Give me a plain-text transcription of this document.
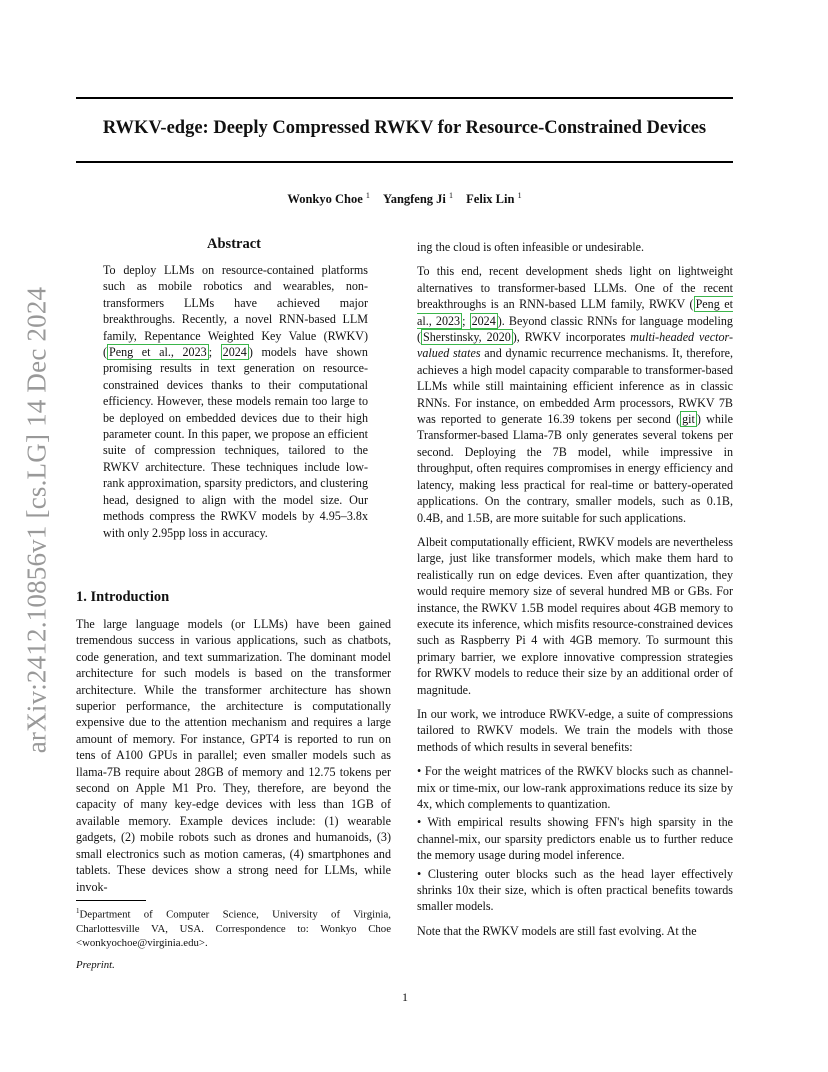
RWKV-edge: Deeply Compressed RWKV for Resource-Constrained Devices
Wonkyo Choe $^1$ Yangfeng Ji $^1$ Felix Lin $^1$
arXiv:2412.10856v1 [cs.LG] 14 Dec 2024
Abstract

To deploy LLMs on resource-contained platforms such as mobile robotics and wearables, non-transformers LLMs have achieved major breakthroughs. Recently, a novel RNN-based LLM family, Repentance Weighted Key Value (RWKV) ( Peng et al., 2023 ; 2024 ) models have shown promising results in text generation on resource-constrained devices thanks to their computational efficiency. However, these models remain too large to be deployed on embedded devices due to their high parameter count. In this paper, we propose an efficient suite of compression techniques, tailored to the RWKV architecture. These techniques include low-rank approximation, sparsity predictors, and clustering head, designed to align with the model size. Our methods compress the RWKV models by 4.95–3.8x with only 2.95pp loss in accuracy.

1. Introduction

The large language models (or LLMs) have been gained tremendous success in various applications, such as chatbots, code generation, and text summarization. The dominant model architecture for such models is based on the transformer architecture. While the transformer architecture has shown superior performance, the architecture is computationally expensive due to the attention mechanism and requires a large amount of memory. For instance, GPT4 is reported to run on tens of A100 GPUs in parallel; even smaller models such as llama-7B require about 28GB of memory and 12.75 tokens per second on Apple M1 Pro. They, therefore, are beyond the capacity of many key-edge devices with less than 1GB of available memory. Example devices include: (1) wearable gadgets, (2) mobile robots such as drones and humanoids, (3) small electronics such as motion cameras, (4) smartphones and tablets. These devices show a strong need for LLMs, while invok-

$^1$Department of Computer Science, University of Virginia, Charlottesville VA, USA. Correspondence to: Wonkyo Choe <wonkyochoe@virginia.edu>.
Preprint.

ing the cloud is often infeasible or undesirable.

To this end, recent development sheds light on lightweight alternatives to transformer-based LLMs. One of the recent breakthroughs is an RNN-based LLM family, RWKV ( Peng et al., 2023 ; 2024 ). Beyond classic RNNs for language modeling ( Sherstinsky, 2020 ), RWKV incorporates multi-headed vector-valued states and dynamic recurrence mechanisms. It, therefore, achieves a high model capacity comparable to transformer-based LLMs while still maintaining efficient inference as in classic RNNs. For instance, on embedded Arm processors, RWKV 7B was reported to generate 16.39 tokens per second ( git ) while Transformer-based Llama-7B only generates several tokens per second. Deploying the 7B model, while impressive in throughput, often requires compromises in energy efficiency and latency, making less practical for real-time or battery-operated applications. On the contrary, smaller models, such as 0.1B, 0.4B, and 1.5B, are more suitable for such applications.

Albeit computationally efficient, RWKV models are nevertheless large, just like transformer models, which make them hard to realistically run on edge devices. Even after quantization, they would require memory size of several hundred MB or GBs. For instance, the RWKV 1.5B model requires about 4GB memory to execute its inference, which misfits resource-constrained devices such as Raspberry Pi 4 with 4GB memory. To surmount this primary barrier, we explore innovative compression strategies for RWKV models to reduce their size by an additional order of magnitude.

In our work, we introduce RWKV-edge, a suite of compressions tailored to RWKV models. We train the models with those methods of which results in several benefits:

• For the weight matrices of the RWKV blocks such as channel-mix or time-mix, our low-rank approximations reduce its size by 4x, which complements to quantization.

• With empirical results showing FFN's high sparsity in the channel-mix, our sparsity predictors enable us to further reduce the memory usage during model inference.

• Clustering outer blocks such as the head layer effectively shrinks 10x their size, which is often practical benefits towards smaller models.

Note that the RWKV models are still fast evolving. At the

1
